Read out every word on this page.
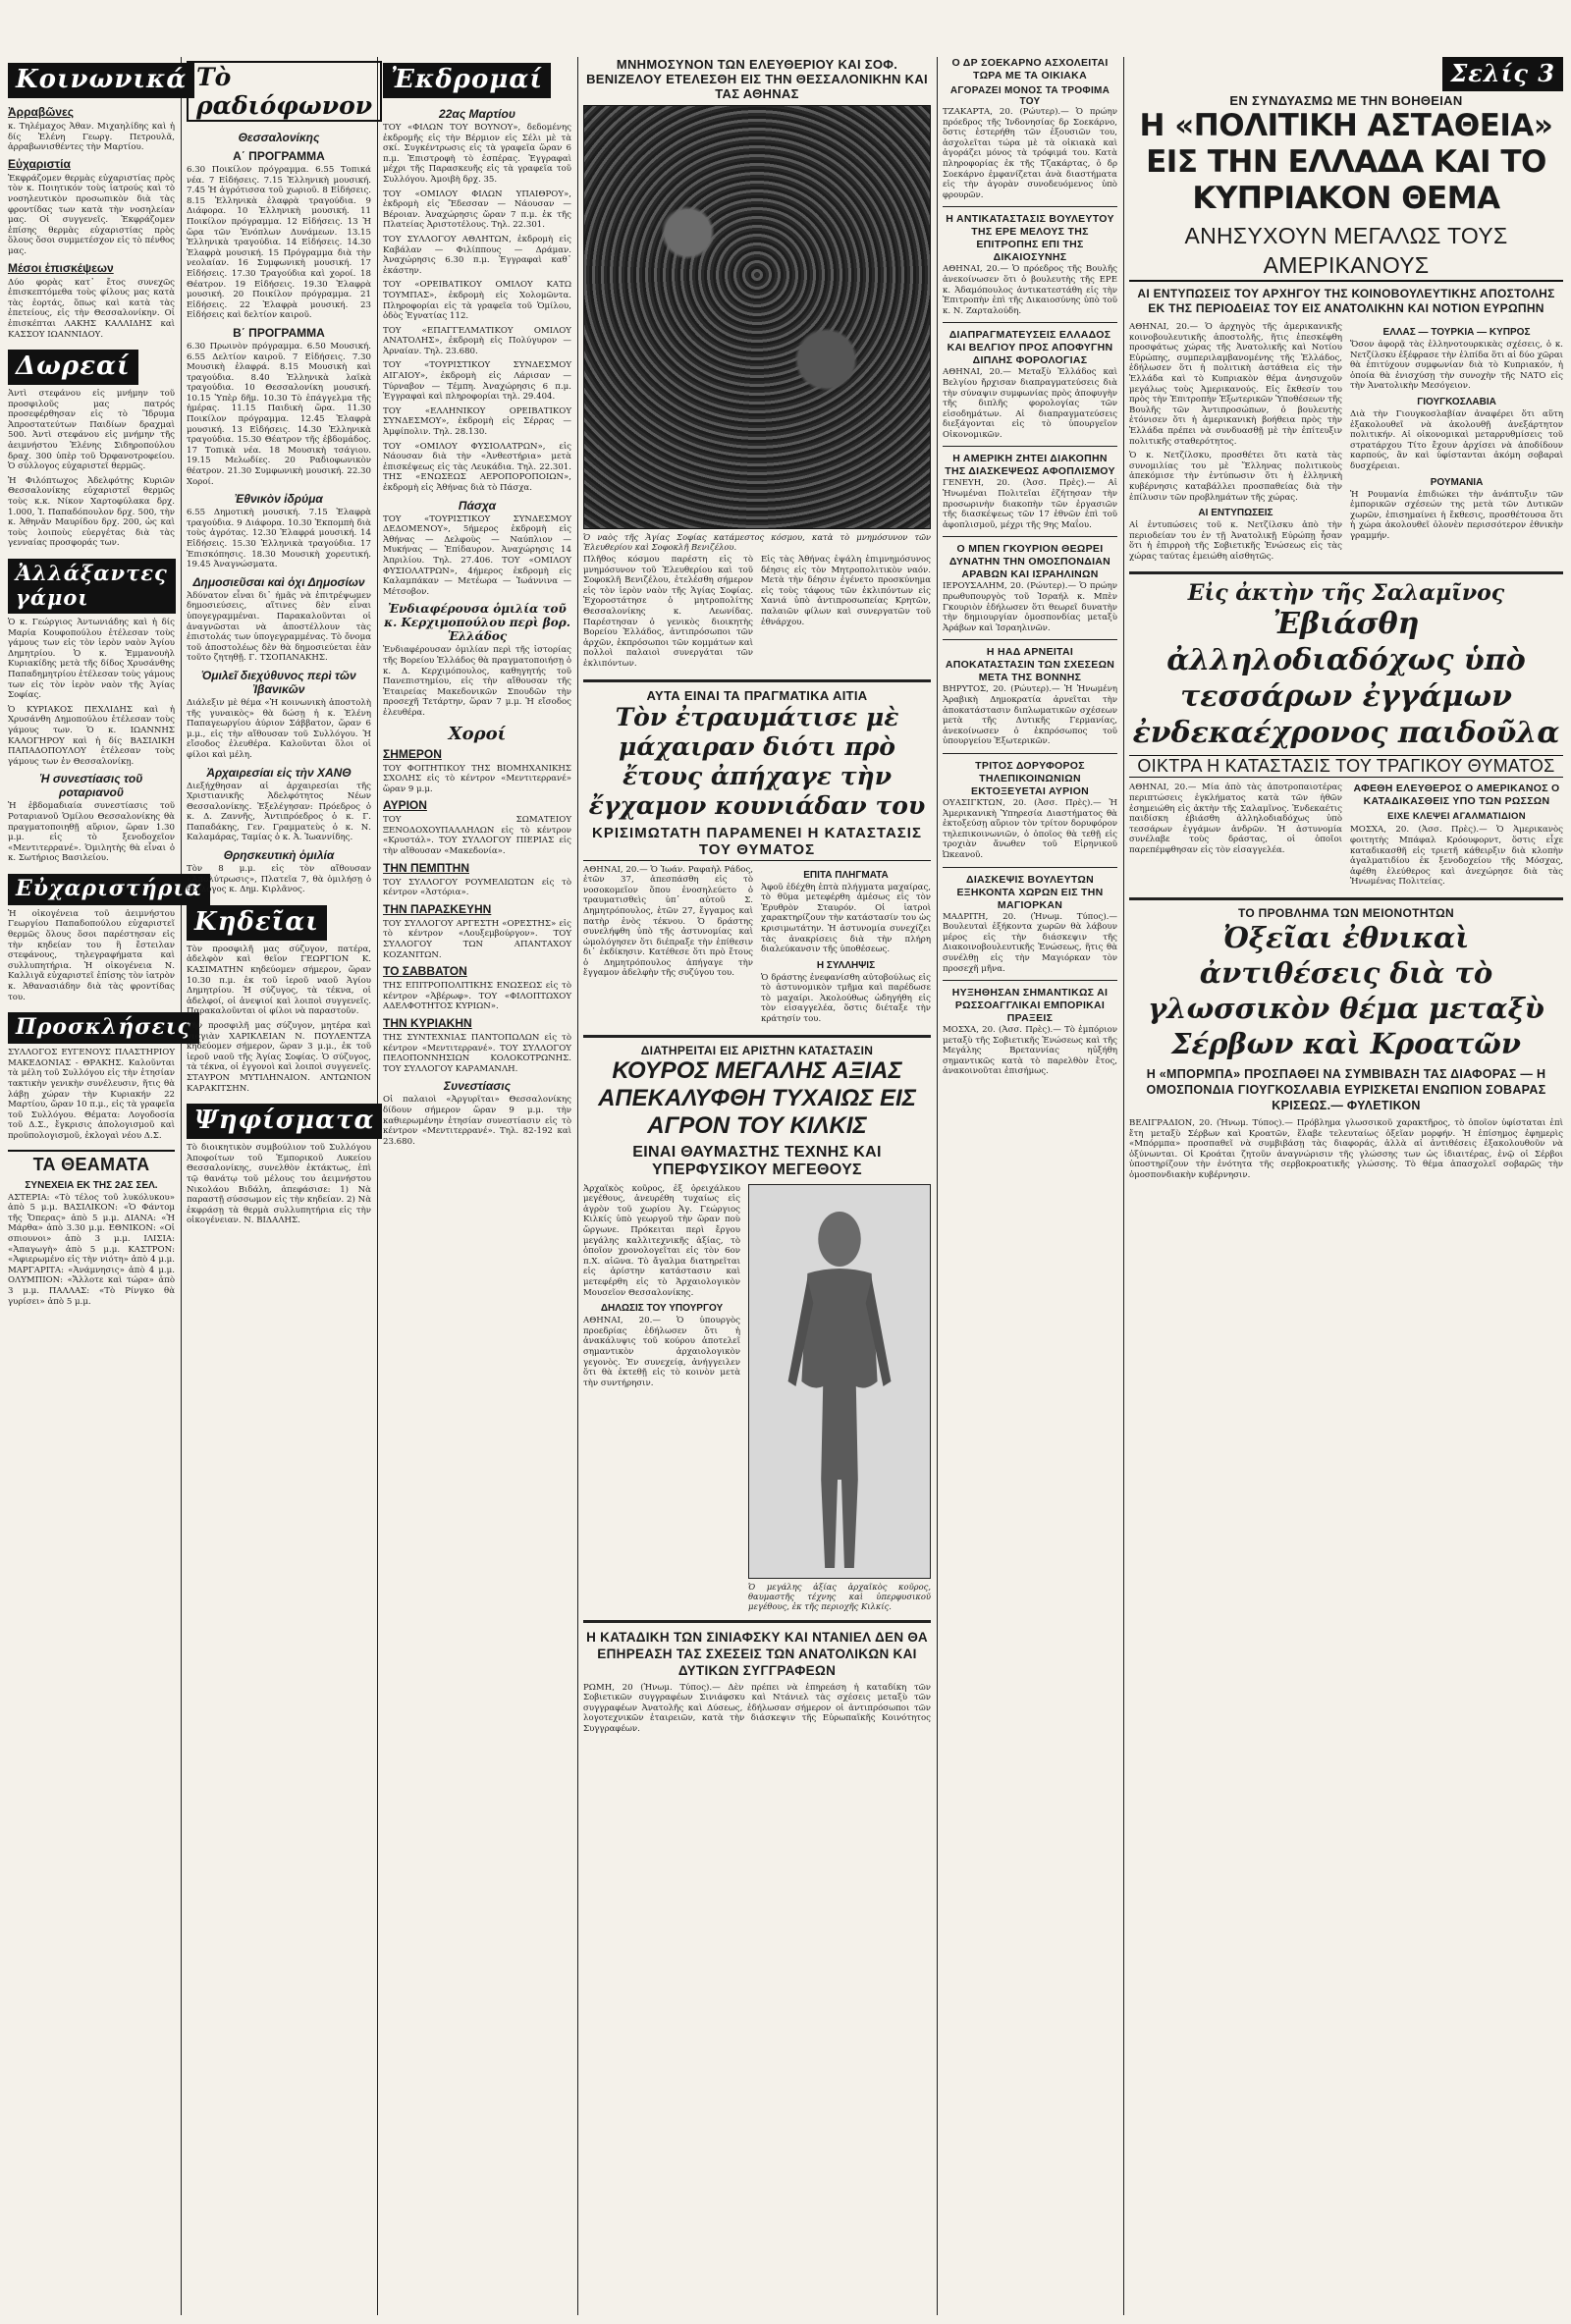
Κοινωνικά
Ἀρραβῶνες

κ. Τηλέμαχος Ἀθαν. Μιχαηλίδης καὶ ἡ δίς Ἑλένη Γεωργ. Πετρουλᾶ, ἀρραβωνισθέντες τὴν Μαρτίου.

Εὐχαριστία

Ἐκφράζομεν θερμὰς εὐχαριστίας πρὸς τὸν κ. Ποιητικόν τοὺς ἰατρούς καὶ τὸ νοσηλευτικὸν προσωπικὸν διὰ τὰς φροντίδας των κατὰ τὴν νοσηλείαν μας. Οἱ συγγενεῖς. Ἐκφράζομεν ἐπίσης θερμὰς εὐχαριστίας πρὸς ὅλους ὅσοι συμμετέσχον εἰς τὸ πένθος μας.

Μέσοι ἐπισκέψεων

Δύο φορὰς κατ᾽ ἔτος συνεχῶς ἐπισκεπτόμεθα τοὺς φίλους μας κατὰ τὰς ἑορτάς, ὅπως καὶ κατὰ τὰς ἐπετείους, εἰς τὴν Θεσσαλονίκην. Οἱ ἐπισκέπται ΛΑΚΗΣ ΚΑΛΛΙΔΗΣ καὶ ΚΑΣΣΟΥ ΙΩΑΝΝΙΔΟΥ.

Δωρεαί

Ἀντὶ στεφάνου εἰς μνήμην τοῦ προσφιλοῦς μας πατρός προσεφέρθησαν εἰς τὸ Ἵδρυμα Ἀπροστατεύτων Παιδίων δραχμαὶ 500. Ἀντὶ στεφάνου εἰς μνήμην τῆς ἀειμνήστου Ἑλένης Σιδηροπούλου δραχ. 300 ὑπὲρ τοῦ Ὀρφανοτροφείου. Ὁ σύλλογος εὐχαριστεῖ θερμῶς.

Ἡ Φιλόπτωχος Ἀδελφότης Κυριῶν Θεσσαλονίκης εὐχαριστεῖ θερμῶς τοὺς κ.κ. Νίκον Χαρτοφύλακα δρχ. 1.000, Ἰ. Παπαδόπουλον δρχ. 500, τὴν κ. Ἀθηνᾶν Μαυρίδου δρχ. 200, ὡς καὶ τοὺς λοιποὺς εὐεργέτας διὰ τὰς γενναίας προσφοράς των.

Ἀλλάξαντες γάμοι

Ὁ κ. Γεώργιος Ἀντωνιάδης καὶ ἡ δίς Μαρία Κουφοπούλου ἐτέλεσαν τοὺς γάμους των εἰς τὸν ἱερὸν ναὸν Ἁγίου Δημητρίου. Ὁ κ. Ἐμμανουὴλ Κυριακίδης μετὰ τῆς δίδος Χρυσάνθης Παπαδημητρίου ἐτέλεσαν τοὺς γάμους των εἰς τὸν ἱερὸν ναὸν τῆς Ἁγίας Σοφίας.

Ὁ ΚΥΡΙΑΚΟΣ ΠΕΧΛΙΔΗΣ καὶ ἡ Χρυσάνθη Δημοπούλου ἐτέλεσαν τοὺς γάμους των. Ὁ κ. ΙΩΑΝΝΗΣ ΚΑΛΟΓΗΡΟΥ καὶ ἡ δίς ΒΑΣΙΛΙΚΗ ΠΑΠΑΔΟΠΟΥΛΟΥ ἐτέλεσαν τοὺς γάμους των ἐν Θεσσαλονίκῃ.

Ἡ συνεστίασις τοῦ ροταριανοῦ

Ἡ ἑβδομαδιαία συνεστίασις τοῦ Ροταριανοῦ Ὁμίλου Θεσσαλονίκης θὰ πραγματοποιηθῇ αὔριον, ὥραν 1.30 μ.μ. εἰς τὸ ξενοδοχεῖον «Μεντιτερρανέ». Ὁμιλητὴς θὰ εἶναι ὁ κ. Σωτήριος Βασιλείου.

Εὐχαριστήρια

Ἡ οἰκογένεια τοῦ ἀειμνήστου Γεωργίου Παπαδοπούλου εὐχαριστεῖ θερμῶς ὅλους ὅσοι παρέστησαν εἰς τὴν κηδείαν του ἢ ἔστειλαν στεφάνους, τηλεγραφήματα καὶ συλλυπητήρια. Ἡ οἰκογένεια Ν. Καλλιγᾶ εὐχαριστεῖ ἐπίσης τὸν ἰατρὸν κ. Ἀθανασιάδην διὰ τὰς φροντίδας του.

Προσκλήσεις

ΣΥΛΛΟΓΟΣ ΕΥΓΕΝΟΥΣ ΠΛΑΣΤΗΡΙΟΥ ΜΑΚΕΔΟΝΙΑΣ - ΘΡΑΚΗΣ. Καλοῦνται τὰ μέλη τοῦ Συλλόγου εἰς τὴν ἐτησίαν τακτικὴν γενικὴν συνέλευσιν, ἥτις θὰ λάβῃ χώραν τὴν Κυριακήν 22 Μαρτίου, ὥραν 10 π.μ., εἰς τὰ γραφεῖα τοῦ Συλλόγου. Θέματα: Λογοδοσία τοῦ Δ.Σ., ἔγκρισις ἀπολογισμοῦ καὶ προϋπολογισμοῦ, ἐκλογαὶ νέου Δ.Σ.

ΤΑ ΘΕΑΜΑΤΑ
ΣΥΝΕΧΕΙΑ ΕΚ ΤΗΣ 2ΑΣ ΣΕΛ.

ΑΣΤΕΡΙΑ: «Τὸ τέλος τοῦ λυκόλυκου» ἀπὸ 5 μ.μ. ΒΑΣΙΛΙΚΟΝ: «Ὁ Φάντομ τῆς Ὄπερας» ἀπὸ 5 μ.μ. ΔΙΑΝΑ: «Ἡ Μάρθα» ἀπὸ 3.30 μ.μ. ΕΘΝΙΚΟΝ: «Οἱ σπιουνοι» ἀπὸ 3 μ.μ. ΙΛΙΣΙΑ: «Ἀπαγωγὴ» ἀπὸ 5 μ.μ. ΚΑΣΤΡΟΝ: «Ἀφιερωμένο εἰς τὴν νιότη» ἀπὸ 4 μ.μ. ΜΑΡΓΑΡΙΤΑ: «Ἀνάμνησις» ἀπὸ 4 μ.μ. ΟΛΥΜΠΙΟΝ: «Ἄλλοτε καὶ τώρα» ἀπὸ 3 μ.μ. ΠΑΛΛΑΣ: «Τὸ Ρίνγκο θὰ γυρίσει» ἀπὸ 5 μ.μ.

Τὸ ραδιόφωνον
Θεσσαλονίκης
Α΄ ΠΡΟΓΡΑΜΜΑ

6.30 Ποικίλον πρόγραμμα. 6.55 Τοπικά νέα. 7 Εἰδήσεις. 7.15 Ἑλληνικὴ μουσική. 7.45 Ἡ ἀγρότισσα τοῦ χωριοῦ. 8 Εἰδήσεις. 8.15 Ἑλληνικὰ ἐλαφρὰ τραγούδια. 9 Διάφορα. 10 Ἑλληνικὴ μουσική. 11 Ποικίλον πρόγραμμα. 12 Εἰδήσεις. 13 Ἡ ὥρα τῶν Ἐνόπλων Δυνάμεων. 13.15 Ἑλληνικὰ τραγούδια. 14 Εἰδήσεις. 14.30 Ἐλαφρὰ μουσική. 15 Πρόγραμμα διὰ τὴν νεολαίαν. 16 Συμφωνικὴ μουσική. 17 Εἰδήσεις. 17.30 Τραγούδια καὶ χοροί. 18 Θέατρον. 19 Εἰδήσεις. 19.30 Ἐλαφρὰ μουσική. 20 Ποικίλον πρόγραμμα. 21 Εἰδήσεις. 22 Ἐλαφρὰ μουσική. 23 Εἰδήσεις καὶ δελτίον καιροῦ.

Β΄ ΠΡΟΓΡΑΜΜΑ

6.30 Πρωινὸν πρόγραμμα. 6.50 Μουσική. 6.55 Δελτίον καιροῦ. 7 Εἰδήσεις. 7.30 Μουσικὴ ἐλαφρά. 8.15 Μουσικὴ καὶ τραγούδια. 8.40 Ἑλληνικὰ λαϊκὰ τραγούδια. 10 Θεσσαλονίκη μουσική. 10.15 Ὑπὲρ δῆμ. 10.30 Τὸ ἐπάγγελμα τῆς ἡμέρας. 11.15 Παιδικὴ ὥρα. 11.30 Ποικίλον πρόγραμμα. 12.45 Ἐλαφρὰ μουσική. 13 Εἰδήσεις. 14.30 Ἑλληνικὰ τραγούδια. 15.30 Θέατρον τῆς ἐβδομάδος. 17 Τοπικὰ νέα. 18 Μουσικὴ τσάγιου. 19.15 Μελωδίες. 20 Ραδιοφωνικὸν θέατρον. 21.30 Συμφωνικὴ μουσική. 22.30 Χοροί.

Ἐθνικὸν ἰδρύμα

6.55 Δημοτικὴ μουσική. 7.15 Ἐλαφρὰ τραγούδια. 9 Διάφορα. 10.30 Ἐκπομπὴ διὰ τοὺς ἀγρότας. 12.30 Ἐλαφρά μουσική. 14 Εἰδήσεις. 15.30 Ἑλληνικὰ τραγούδια. 17 Ἐπισκόπησις. 18.30 Μουσικὴ χορευτική. 19.45 Ἀναγνώσματα.

Δημοσιεῦσαι καὶ ὀχι Δημοσίων

Ἀδύνατον εἶναι δι᾽ ἡμᾶς νὰ ἐπιτρέψωμεν δημοσιεύσεις, αἵτινες δὲν εἶναι ὑπογεγραμμέναι. Παρακαλοῦνται οἱ ἀναγνῶσται νὰ ἀποστέλλουν τὰς ἐπιστολάς των ὑπογεγραμμένας. Τὸ ὄνομα τοῦ ἀποστολέως δὲν θὰ δημοσιεύεται ἐὰν τοῦτο ζητηθῇ. Γ. ΤΣΟΠΑΝΑΚΗΣ.

Ὁμιλεῖ διεχύθυνος περὶ τῶν Ἰβανικῶν

Διάλεξιν μὲ θέμα «Ἡ κοινωνικὴ ἀποστολὴ τῆς γυναικὸς» θὰ δώσῃ ἡ κ. Ἑλένη Παπαγεωργίου ἀύριον Σάββατον, ὥραν 6 μ.μ., εἰς τὴν αἴθουσαν τοῦ Συλλόγου. Ἡ εἴσοδος ἐλευθέρα. Καλοῦνται ὅλοι οἱ φίλοι καὶ μέλη.

Ἀρχαιρεσίαι εἰς τὴν ΧΑΝΘ

Διεξήχθησαν αἱ ἀρχαιρεσίαι τῆς Χριστιανικῆς Ἀδελφότητος Νέων Θεσσαλονίκης. Ἐξελέγησαν: Πρόεδρος ὁ κ. Δ. Ζαννῆς, Ἀντιπρόεδρος ὁ κ. Γ. Παπαδάκης, Γεν. Γραμματεὺς ὁ κ. Ν. Καλαμάρας, Ταμίας ὁ κ. Ἀ. Ἰωαννίδης.

Θρησκευτικὴ ὁμιλία

Τὸν 8 μ.μ. εἰς τὸν αἴθουσαν «Ἀπολύτρωσις», Πλατεῖα 7, θὰ ὁμιλήσῃ ὁ θεολόγος κ. Δημ. Κιρλᾶνος.

Κηδεῖαι

Τὸν προσφιλῆ μας σύζυγον, πατέρα, ἀδελφὸν καὶ θεῖον ΓΕΩΡΓΙΟΝ Κ. ΚΑΣΙΜΑΤΗΝ κηδεύομεν σήμερον, ὥραν 10.30 π.μ. ἐκ τοῦ ἱεροῦ ναοῦ Ἁγίου Δημητρίου. Ἡ σύζυγος, τὰ τέκνα, οἱ ἀδελφοί, οἱ ἀνεψιοί καὶ λοιποὶ συγγενεῖς. Παρακαλοῦνται οἱ φίλοι νὰ παραστοῦν.

Τὴν προσφιλῆ μας σύζυγον, μητέρα καὶ γιαγιὰν ΧΑΡΙΚΛΕΙΑΝ Ν. ΠΟΥΛΕΝΤΖΑ κηδεύομεν σήμερον, ὥραν 3 μ.μ., ἐκ τοῦ ἱεροῦ ναοῦ τῆς Ἁγίας Σοφίας. Ὁ σύζυγος, τὰ τέκνα, οἱ ἐγγονοὶ καὶ λοιποὶ συγγενεῖς. ΣΤΑΥΡΟΝ ΜΥΤΙΛΗΝΑΙΟΝ. ΑΝΤΩΝΙΟΝ ΚΑΡΑΚΙΤΣΗΝ.

Ψηφίσματα

Τὸ διοικητικὸν συμβούλιον τοῦ Συλλόγου Ἀποφοίτων τοῦ Ἐμπορικοῦ Λυκείου Θεσσαλονίκης, συνελθὸν ἐκτάκτως, ἐπὶ τῷ θανάτῳ τοῦ μέλους του ἀειμνήστου Νικολάου Βιδάλη, ἀπεφάσισε: 1) Νὰ παραστῇ σύσσωμον εἰς τὴν κηδείαν. 2) Νὰ ἐκφράσῃ τὰ θερμὰ συλλυπητήρια εἰς τὴν οἰκογένειαν. Ν. ΒΙΔΑΛΗΣ.

Ἐκδρομαί
22ας Μαρτίου

ΤΟΥ «ΦΙΛΩΝ ΤΟΥ ΒΟΥΝΟΥ», δεδομένης ἐκδρομῆς εἰς τὴν Βέρμιον εἰς Σέλι μὲ τὰ σκί. Συγκέντρωσις εἰς τὰ γραφεῖα ὥραν 6 π.μ. Ἐπιστροφὴ τὸ ἑσπέρας. Ἐγγραφαὶ μέχρι τῆς Παρασκευῆς εἰς τὰ γραφεῖα τοῦ Συλλόγου. Ἀμοιβὴ δρχ. 35.

ΤΟΥ «ΟΜΙΛΟΥ ΦΙΛΩΝ ΥΠΑΙΘΡΟΥ», ἐκδρομὴ εἰς Ἔδεσσαν — Νάουσαν — Βέροιαν. Ἀναχώρησις ὥραν 7 π.μ. ἐκ τῆς Πλατείας Ἀριστοτέλους. Τηλ. 22.301.

ΤΟΥ ΣΥΛΛΟΓΟΥ ΑΘΛΗΤΩΝ, ἐκδρομὴ εἰς Καβάλαν — Φιλίππους — Δράμαν. Ἀναχώρησις 6.30 π.μ. Ἐγγραφαὶ καθ᾽ ἑκάστην.

ΤΟΥ «ΟΡΕΙΒΑΤΙΚΟΥ ΟΜΙΛΟΥ ΚΑΤΩ ΤΟΥΜΠΑΣ», ἐκδρομὴ εἰς Χολομῶντα. Πληροφορίαι εἰς τὰ γραφεῖα τοῦ Ὁμίλου, ὁδὸς Ἐγνατίας 112.

ΤΟΥ «ΕΠΑΓΓΕΛΜΑΤΙΚΟΥ ΟΜΙΛΟΥ ΑΝΑΤΟΛΗΣ», ἐκδρομὴ εἰς Πολύγυρον — Ἀρναίαν. Τηλ. 23.680.

ΤΟΥ «ΤΟΥΡΙΣΤΙΚΟΥ ΣΥΝΔΕΣΜΟΥ ΑΙΓΑΙΟΥ», ἐκδρομὴ εἰς Λάρισαν — Τύρναβον — Τέμπη. Ἀναχώρησις 6 π.μ. Ἐγγραφαὶ καὶ πληροφορίαι τηλ. 29.404.

ΤΟΥ «ΕΛΛΗΝΙΚΟΥ ΟΡΕΙΒΑΤΙΚΟΥ ΣΥΝΔΕΣΜΟΥ», ἐκδρομὴ εἰς Σέρρας — Ἀμφίπολιν. Τηλ. 28.130.

ΤΟΥ «ΟΜΙΛΟΥ ΦΥΣΙΟΛΑΤΡΩΝ», εἰς Νάουσαν διὰ τὴν «Ἀνθεστήρια» μετὰ ἐπισκέψεως εἰς τὰς Λευκάδια. Τηλ. 22.301. ΤΗΣ «ΕΝΩΣΕΩΣ ΑΕΡΟΠΟΡΟΠΟΙΩΝ», ἐκδρομὴ εἰς Ἀθήνας διὰ τὸ Πάσχα.

Πάσχα

ΤΟΥ «ΤΟΥΡΙΣΤΙΚΟΥ ΣΥΝΔΕΣΜΟΥ ΔΕΔΟΜΕΝΟΥ», 5ήμερος ἐκδρομὴ εἰς Ἀθήνας — Δελφοὺς — Ναύπλιον — Μυκήνας — Ἐπίδαυρον. Ἀναχώρησις 14 Ἀπριλίου. Τηλ. 27.406. ΤΟΥ «ΟΜΙΛΟΥ ΦΥΣΙΟΛΑΤΡΩΝ», 4ήμερος ἐκδρομὴ εἰς Καλαμπάκαν — Μετέωρα — Ἰωάννινα — Μέτσοβον.

Ἐνδιαφέρουσα ὁμιλία τοῦ κ. Κερχιμοπούλου περὶ βορ. Ἑλλάδος

Ἐνδιαφέρουσαν ὁμιλίαν περὶ τῆς ἱστορίας τῆς Βορείου Ἑλλάδος θὰ πραγματοποιήσῃ ὁ κ. Δ. Κερχιμόπουλος, καθηγητής τοῦ Πανεπιστημίου, εἰς τὴν αἴθουσαν τῆς Ἑταιρείας Μακεδονικῶν Σπουδῶν τὴν προσεχῆ Τετάρτην, ὥραν 7 μ.μ. Ἡ εἴσοδος ἐλευθέρα.

Χοροί
ΣΗΜΕΡΟΝ

ΤΟΥ ΦΟΙΤΗΤΙΚΟΥ ΤΗΣ ΒΙΟΜΗΧΑΝΙΚΗΣ ΣΧΟΛΗΣ εἰς τὸ κέντρον «Μεντιτερρανέ» ὥραν 9 μ.μ.

ΑΥΡΙΟΝ

ΤΟΥ ΣΩΜΑΤΕΙΟΥ ΞΕΝΟΔΟΧΟΥΠΑΛΛΗΛΩΝ εἰς τὸ κέντρον «Κρυστάλ». ΤΟΥ ΣΥΛΛΟΓΟΥ ΠΙΕΡΙΑΣ εἰς τὴν αἴθουσαν «Μακεδονία».

ΤΗΝ ΠΕΜΠΤΗΝ

ΤΟΥ ΣΥΛΛΟΓΟΥ ΡΟΥΜΕΛΙΩΤΩΝ εἰς τὸ κέντρον «Ἀστόρια».

ΤΗΝ ΠΑΡΑΣΚΕΥΗΝ

ΤΟΥ ΣΥΛΛΟΓΟΥ ΑΡΓΕΣΤΗ «ΟΡΕΣΤΗΣ» εἰς τὸ κέντρον «Λουξεμβούργον». ΤΟΥ ΣΥΛΛΟΓΟΥ ΤΩΝ ΑΠΑΝΤΑΧΟΥ ΚΟΖΑΝΙΤΩΝ.

ΤΟ ΣΑΒΒΑΤΟΝ

ΤΗΣ ΕΠΙΤΡΟΠΟΛΙΤΙΚΗΣ ΕΝΩΣΕΩΣ εἰς τὸ κέντρον «Ἀβέρωφ». ΤΟΥ «ΦΙΛΟΠΤΩΧΟΥ ΑΔΕΛΦΟΤΗΤΟΣ ΚΥΡΙΩΝ».

ΤΗΝ ΚΥΡΙΑΚΗΝ

ΤΗΣ ΣΥΝΤΕΧΝΙΑΣ ΠΑΝΤΟΠΩΛΩΝ εἰς τὸ κέντρον «Μεντιτερρανέ». ΤΟΥ ΣΥΛΛΟΓΟΥ ΠΕΛΟΠΟΝΝΗΣΙΩΝ ΚΟΛΟΚΟΤΡΩΝΗΣ. ΤΟΥ ΣΥΛΛΟΓΟΥ ΚΑΡΑΜΑΝΛΗ.

Συνεστίασις

Οἱ παλαιοὶ «Ἀργυρῖται» Θεσσαλονίκης δίδουν σήμερον ὥραν 9 μ.μ. τὴν καθιερωμένην ἐτησίαν συνεστίασιν εἰς τὸ κέντρον «Μεντιτερρανέ». Τηλ. 82-192 καὶ 23.680.

ΜΝΗΜΟΣΥΝΟΝ ΤΩΝ ΕΛΕΥΘΕΡΙΟΥ ΚΑΙ ΣΟΦ. ΒΕΝΙΖΕΛΟΥ ΕΤΕΛΕΣΘΗ ΕΙΣ ΤΗΝ ΘΕΣΣΑΛΟΝΙΚΗΝ ΚΑΙ ΤΑΣ ΑΘΗΝΑΣ

Ὁ ναὸς τῆς Ἁγίας Σοφίας κατάμεστος κόσμου, κατὰ τὸ μνημόσυνον τῶν Ἐλευθερίου καὶ Σοφοκλῆ Βενιζέλου.

Πλῆθος κόσμου παρέστη εἰς τὸ μνημόσυνον τοῦ Ἐλευθερίου καὶ τοῦ Σοφοκλῆ Βενιζέλου, ἐτελέσθη σήμερον εἰς τὸν ἱερὸν ναὸν τῆς Ἁγίας Σοφίας. Ἐχοροστάτησε ὁ μητροπολίτης Θεσσαλονίκης κ. Λεωνίδας. Παρέστησαν ὁ γενικὸς διοικητὴς Βορείου Ἑλλάδος, ἀντιπρόσωποι τῶν ἀρχῶν, ἐκπρόσωποι τῶν κομμάτων καὶ πολλοὶ παλαιοὶ συνεργάται τῶν ἐκλιπόντων.

Εἰς τὰς Ἀθήνας ἐψάλη ἐπιμνημόσυνος δέησις εἰς τὸν Μητροπολιτικὸν ναόν. Μετὰ τὴν δέησιν ἐγένετο προσκύνημα εἰς τοὺς τάφους τῶν ἐκλιπόντων εἰς Χανιά ὑπὸ ἀντιπροσωπείας Κρητῶν, παλαιῶν φίλων καὶ συνεργατῶν τοῦ ἐθνάρχου.

ΑΥΤΑ ΕΙΝΑΙ ΤΑ ΠΡΑΓΜΑΤΙΚΑ ΑΙΤΙΑ
Τὸν ἐτραυμάτισε μὲ μάχαιραν διότι πρὸ ἔτους ἀπήχαγε τὴν ἔγχαμον κουνιάδαν του
ΚΡΙΣΙΜΩΤΑΤΗ ΠΑΡΑΜΕΝΕΙ Η ΚΑΤΑΣΤΑΣΙΣ ΤΟΥ ΘΥΜΑΤΟΣ

ΑΘΗΝΑΙ, 20.— Ὁ Ἰωάν. Ραφαὴλ Ράδος, ἐτῶν 37, ἀπεσπάσθη εἰς τὸ νοσοκομεῖον ὅπου ἐνοσηλεύετο ὁ τραυματισθεὶς ὑπ᾽ αὐτοῦ Σ. Δημητρόπουλος, ἐτῶν 27, ἔγγαμος καὶ πατὴρ ἑνὸς τέκνου. Ὁ δράστης συνελήφθη ὑπὸ τῆς ἀστυνομίας καὶ ὡμολόγησεν ὅτι διέπραξε τὴν ἐπίθεσιν δι᾽ ἐκδίκησιν. Κατέθεσε ὅτι πρὸ ἔτους ὁ Δημητρόπουλος ἀπήγαγε τὴν ἔγγαμον ἀδελφὴν τῆς συζύγου του.

ΕΠΙΤΑ ΠΛΗΓΜΑΤΑ

Ἀφοῦ ἐδέχθη ἑπτὰ πλήγματα μαχαίρας, τὸ θῦμα μετεφέρθη ἀμέσως εἰς τὸν Ἐρυθρὸν Σταυρόν. Οἱ ἰατροὶ χαρακτηρίζουν τὴν κατάστασίν του ὡς κρισιμωτάτην. Ἡ ἀστυνομία συνεχίζει τὰς ἀνακρίσεις διὰ τὴν πλήρη διαλεύκανσιν τῆς ὑποθέσεως.

Η ΣΥΛΛΗΨΙΣ

Ὁ δράστης ἐνεφανίσθη αὐτοβούλως εἰς τὸ ἀστυνομικὸν τμῆμα καὶ παρέδωσε τὸ μαχαίρι. Ἀκολούθως ὡδηγήθη εἰς τὸν εἰσαγγελέα, ὅστις διέταξε τὴν κράτησίν του.

ΔΙΑΤΗΡΕΙΤΑΙ ΕΙΣ ΑΡΙΣΤΗΝ ΚΑΤΑΣΤΑΣΙΝ
ΚΟΥΡΟΣ ΜΕΓΑΛΗΣ ΑΞΙΑΣ ΑΠΕΚΑΛΥΦΘΗ ΤΥΧΑΙΩΣ ΕΙΣ ΑΓΡΟΝ ΤΟΥ ΚΙΛΚΙΣ
ΕΙΝΑΙ ΘΑΥΜΑΣΤΗΣ ΤΕΧΝΗΣ ΚΑΙ ΥΠΕΡΦΥΣΙΚΟΥ ΜΕΓΕΘΟΥΣ

Ἀρχαϊκὸς κοῦρος, ἐξ ὀρειχάλκου μεγέθους, ἀνευρέθη τυχαίως εἰς ἀγρὸν τοῦ χωρίου Ἀγ. Γεώργιος Κιλκίς ὑπὸ γεωργοῦ τὴν ὥραν ποὺ ὤργωνε. Πρόκειται περὶ ἔργου μεγάλης καλλιτεχνικῆς ἀξίας, τὸ ὁποῖον χρονολογεῖται εἰς τὸν 6ον π.Χ. αἰῶνα. Τὸ ἄγαλμα διατηρεῖται εἰς ἀρίστην κατάστασιν καὶ μετεφέρθη εἰς τὸ Ἀρχαιολογικὸν Μουσεῖον Θεσσαλονίκης.

ΔΗΛΩΣΙΣ ΤΟΥ ΥΠΟΥΡΓΟΥ

ΑΘΗΝΑΙ, 20.— Ὁ ὑπουργὸς προεδρίας ἐδήλωσεν ὅτι ἡ ἀνακάλυψις τοῦ κούρου ἀποτελεῖ σημαντικὸν ἀρχαιολογικὸν γεγονὸς. Ἐν συνεχείᾳ, ἀνήγγειλεν ὅτι θὰ ἐκτεθῇ εἰς τὸ κοινὸν μετὰ τὴν συντήρησιν.

Ὁ μεγάλης ἀξίας ἀρχαϊκὸς κοῦρος, θαυμαστῆς τέχνης καὶ ὑπερφυσικοῦ μεγέθους, ἐκ τῆς περιοχῆς Κιλκίς.

Η ΚΑΤΑΔΙΚΗ ΤΩΝ ΣΙΝΙΑΦΣΚΥ ΚΑΙ ΝΤΑΝΙΕΛ ΔΕΝ ΘΑ ΕΠΗΡΕΑΣΗ ΤΑΣ ΣΧΕΣΕΙΣ ΤΩΝ ΑΝΑΤΟΛΙΚΩΝ ΚΑΙ ΔΥΤΙΚΩΝ ΣΥΓΓΡΑΦΕΩΝ

ΡΩΜΗ, 20 (Ἡνωμ. Τύπος).— Δὲν πρέπει νὰ ἐπηρεάση ἡ καταδίκη τῶν Σοβιετικῶν συγγραφέων Σινιάφσκυ καὶ Ντάνιελ τὰς σχέσεις μεταξὺ τῶν συγγραφέων Ἀνατολῆς καὶ Δύσεως, ἐδήλωσαν σήμερον οἱ ἀντιπρόσωποι τῶν λογοτεχνικῶν ἑταιρειῶν, κατὰ τὴν διάσκεψιν τῆς Εὐρωπαϊκῆς Κοινότητος Συγγραφέων.

Ο ΔΡ ΣΟΕΚΑΡΝΟ ΑΣΧΟΛΕΙΤΑΙ ΤΩΡΑ ΜΕ ΤΑ ΟΙΚΙΑΚΑ
ΑΓΟΡΑΖΕΙ ΜΟΝΟΣ ΤΑ ΤΡΟΦΙΜΑ ΤΟΥ

ΤΖΑΚΑΡΤΑ, 20. (Ρώυτερ).— Ὁ πρώην πρόεδρος τῆς Ἰνδονησίας δρ Σοεκάρνο, ὅστις ἐστερήθη τῶν ἐξουσιῶν του, ἀσχολεῖται τώρα μὲ τὰ οἰκιακὰ καὶ ἀγοράζει μόνος τὰ τρόφιμά του. Κατὰ πληροφορίας ἐκ τῆς Τζακάρτας, ὁ δρ Σοεκάρνο ἐμφανίζεται ἀνὰ διαστήματα εἰς τὴν ἀγορὰν συνοδευόμενος ὑπὸ φρουρῶν.

Η ΑΝΤΙΚΑΤΑΣΤΑΣΙΣ ΒΟΥΛΕΥΤΟΥ ΤΗΣ ΕΡΕ ΜΕΛΟΥΣ ΤΗΣ ΕΠΙΤΡΟΠΗΣ ΕΠΙ ΤΗΣ ΔΙΚΑΙΟΣΥΝΗΣ

ΑΘΗΝΑΙ, 20.— Ὁ πρόεδρος τῆς Βουλῆς ἀνεκοίνωσεν ὅτι ὁ βουλευτὴς τῆς ΕΡΕ κ. Ἀδαμόπουλος ἀντικατεστάθη εἰς τὴν Ἐπιτροπὴν ἐπὶ τῆς Δικαιοσύνης ὑπὸ τοῦ κ. Ν. Ζαρταλούδη.

ΔΙΑΠΡΑΓΜΑΤΕΥΣΕΙΣ ΕΛΛΑΔΟΣ ΚΑΙ ΒΕΛΓΙΟΥ ΠΡΟΣ ΑΠΟΦΥΓΗΝ ΔΙΠΛΗΣ ΦΟΡΟΛΟΓΙΑΣ

ΑΘΗΝΑΙ, 20.— Μεταξὺ Ἑλλάδος καὶ Βελγίου ἤρχισαν διαπραγματεύσεις διὰ τὴν σύναψιν συμφωνίας πρὸς ἀποφυγὴν τῆς διπλῆς φορολογίας τῶν εἰσοδημάτων. Αἱ διαπραγματεύσεις διεξάγονται εἰς τὸ ὑπουργεῖον Οἰκονομικῶν.

Η ΑΜΕΡΙΚΗ ΖΗΤΕΙ ΔΙΑΚΟΠΗΝ ΤΗΣ ΔΙΑΣΚΕΨΕΩΣ ΑΦΟΠΛΙΣΜΟΥ

ΓΕΝΕΥΗ, 20. (Ἀσσ. Πρὲς).— Αἱ Ἡνωμέναι Πολιτεῖαι ἐζήτησαν τὴν προσωρινὴν διακοπὴν τῶν ἐργασιῶν τῆς διασκέψεως τῶν 17 ἐθνῶν ἐπὶ τοῦ ἀφοπλισμοῦ, μέχρι τῆς 9ης Μαΐου.

Ο ΜΠΕΝ ΓΚΟΥΡΙΟΝ ΘΕΩΡΕΙ ΔΥΝΑΤΗΝ ΤΗΝ ΟΜΟΣΠΟΝΔΙΑΝ ΑΡΑΒΩΝ ΚΑΙ ΙΣΡΑΗΛΙΝΩΝ

ΙΕΡΟΥΣΑΛΗΜ, 20. (Ρώυτερ).— Ὁ πρώην πρωθυπουργὸς τοῦ Ἰσραήλ κ. Μπὲν Γκουριὸν ἐδήλωσεν ὅτι θεωρεῖ δυνατὴν τὴν δημιουργίαν ὁμοσπονδίας μεταξὺ Ἀράβων καὶ Ἰσραηλινῶν.

Η ΗΑΔ ΑΡΝΕΙΤΑΙ ΑΠΟΚΑΤΑΣΤΑΣΙΝ ΤΩΝ ΣΧΕΣΕΩΝ ΜΕΤΑ ΤΗΣ ΒΟΝΝΗΣ

ΒΗΡΥΤΟΣ, 20. (Ρώυτερ).— Ἡ Ἡνωμένη Ἀραβικὴ Δημοκρατία ἀρνεῖται τὴν ἀποκατάστασιν διπλωματικῶν σχέσεων μετὰ τῆς Δυτικῆς Γερμανίας, ἀνεκοίνωσεν ὁ ἐκπρόσωπος τοῦ ὑπουργείου Ἐξωτερικῶν.

ΤΡΙΤΟΣ ΔΟΡΥΦΟΡΟΣ ΤΗΛΕΠΙΚΟΙΝΩΝΙΩΝ ΕΚΤΟΞΕΥΕΤΑΙ ΑΥΡΙΟΝ

ΟΥΑΣΙΓΚΤΩΝ, 20. (Ἀσσ. Πρὲς).— Ἡ Ἀμερικανικὴ Ὑπηρεσία Διαστήματος θὰ ἐκτοξεύσῃ αὔριον τὸν τρίτον δορυφόρον τηλεπικοινωνιῶν, ὁ ὁποῖος θὰ τεθῇ εἰς τροχιὰν ἄνωθεν τοῦ Εἰρηνικοῦ Ὠκεανοῦ.

ΔΙΑΣΚΕΨΙΣ ΒΟΥΛΕΥΤΩΝ ΕΞΗΚΟΝΤΑ ΧΩΡΩΝ ΕΙΣ ΤΗΝ ΜΑΓΙΟΡΚΑΝ

ΜΑΔΡΙΤΗ, 20. (Ἡνωμ. Τύπος).— Βουλευταὶ ἐξήκοντα χωρῶν θὰ λάβουν μέρος εἰς τὴν διάσκεψιν τῆς Διακοινοβουλευτικῆς Ἑνώσεως, ἥτις θὰ συνέλθῃ εἰς τὴν Μαγιόρκαν τὸν προσεχῆ μῆνα.

ΗΥΞΗΘΗΣΑΝ ΣΗΜΑΝΤΙΚΩΣ ΑΙ ΡΩΣΣΟΑΓΓΛΙΚΑΙ ΕΜΠΟΡΙΚΑΙ ΠΡΑΞΕΙΣ

ΜΟΣΧΑ, 20. (Ἀσσ. Πρὲς).— Τὸ ἐμπόριον μεταξὺ τῆς Σοβιετικῆς Ἑνώσεως καὶ τῆς Μεγάλης Βρεταννίας ηὐξήθη σημαντικῶς κατὰ τὸ παρελθὸν ἔτος, ἀνακοινοῦται ἐπισήμως.

Σελίς 3
ΕΝ ΣΥΝΔΥΑΣΜΩ ΜΕ ΤΗΝ ΒΟΗΘΕΙΑΝ
Η «ΠΟΛΙΤΙΚΗ ΑΣΤΑΘΕΙΑ» ΕΙΣ ΤΗΝ ΕΛΛΑΔΑ ΚΑΙ ΤΟ ΚΥΠΡΙΑΚΟΝ ΘΕΜΑ
ΑΝΗΣΥΧΟΥΝ ΜΕΓΑΛΩΣ ΤΟΥΣ ΑΜΕΡΙΚΑΝΟΥΣ
ΑΙ ΕΝΤΥΠΩΣΕΙΣ ΤΟΥ ΑΡΧΗΓΟΥ ΤΗΣ ΚΟΙΝΟΒΟΥΛΕΥΤΙΚΗΣ ΑΠΟΣΤΟΛΗΣ ΕΚ ΤΗΣ ΠΕΡΙΟΔΕΙΑΣ ΤΟΥ ΕΙΣ ΑΝΑΤΟΛΙΚΗΝ ΚΑΙ ΝΟΤΙΟΝ ΕΥΡΩΠΗΝ

ΑΘΗΝΑΙ, 20.— Ὁ ἀρχηγὸς τῆς ἀμερικανικῆς κοινοβουλευτικῆς ἀποστολῆς, ἥτις ἐπεσκέφθη προσφάτως χώρας τῆς Ἀνατολικῆς καὶ Νοτίου Εὐρώπης, συμπεριλαμβανομένης τῆς Ἑλλάδος, ἐδήλωσεν ὅτι ἡ πολιτικὴ ἀστάθεια εἰς τὴν Ἑλλάδα καὶ τὸ Κυπριακὸν θέμα ἀνησυχοῦν μεγάλως τοὺς Ἀμερικανούς. Εἰς ἔκθεσίν του πρὸς τὴν Ἐπιτροπὴν Ἐξωτερικῶν Ὑποθέσεων τῆς Βουλῆς τῶν Ἀντιπροσώπων, ὁ βουλευτὴς ἐτόνισεν ὅτι ἡ ἀμερικανικὴ βοήθεια πρὸς τὴν Ἑλλάδα πρέπει νὰ συνδυασθῇ μὲ τὴν ἐπίτευξιν πολιτικῆς σταθερότητος.

Ὁ κ. Νετζίλσκυ, προσθέτει ὅτι κατὰ τὰς συνομιλίας του μὲ Ἕλληνας πολιτικοὺς ἀπεκόμισε τὴν ἐντύπωσιν ὅτι ἡ ἑλληνικὴ κυβέρνησις καταβάλλει προσπαθείας διὰ τὴν ἐπίλυσιν τῶν προβλημάτων τῆς χώρας.

ΑΙ ΕΝΤΥΠΩΣΕΙΣ

Αἱ ἐντυπώσεις τοῦ κ. Νετζίλσκυ ἀπὸ τὴν περιοδείαν του ἐν τῇ Ἀνατολικῇ Εὐρώπῃ ἦσαν ὅτι ἡ ἐπιρροὴ τῆς Σοβιετικῆς Ἑνώσεως εἰς τὰς χώρας ταύτας ἐμειώθη αἰσθητῶς.

ΕΛΛΑΣ — ΤΟΥΡΚΙΑ — ΚΥΠΡΟΣ

Ὅσον ἀφορᾷ τὰς ἑλληνοτουρκικὰς σχέσεις, ὁ κ. Νετζίλσκυ ἐξέφρασε τὴν ἐλπίδα ὅτι αἱ δύο χῶραι θὰ ἐπιτύχουν συμφωνίαν διὰ τὸ Κυπριακόν, ἡ ὁποία θὰ ἐνισχύσῃ τὴν συνοχὴν τῆς ΝΑΤΟ εἰς τὴν Ἀνατολικὴν Μεσόγειον.

ΓΙΟΥΓΚΟΣΛΑΒΙΑ

Διὰ τὴν Γιουγκοσλαβίαν ἀναφέρει ὅτι αὕτη ἐξακολουθεῖ νὰ ἀκολουθῇ ἀνεξάρτητον πολιτικήν. Αἱ οἰκονομικαὶ μεταρρυθμίσεις τοῦ στρατάρχου Τίτο ἔχουν ἀρχίσει νὰ ἀποδίδουν καρπούς, ἂν καὶ ὑφίστανται ἀκόμη σοβαραὶ δυσχέρειαι.

ΡΟΥΜΑΝΙΑ

Ἡ Ρουμανία ἐπιδιώκει τὴν ἀνάπτυξιν τῶν ἐμπορικῶν σχέσεών της μετὰ τῶν Δυτικῶν χωρῶν, ἐπισημαίνει ἡ ἔκθεσις, προσθέτουσα ὅτι ἡ χώρα ἀκολουθεῖ ὁλονὲν περισσότερον ἐθνικὴν γραμμήν.

Εἰς ἀκτὴν τῆς Σαλαμῖνος
Ἐβιάσθη ἀλληλοδιαδόχως ὑπὸ τεσσάρων ἐγγάμων ἐνδεκαέχρονος παιδοῦλα
ΟΙΚΤΡΑ Η ΚΑΤΑΣΤΑΣΙΣ ΤΟΥ ΤΡΑΓΙΚΟΥ ΘΥΜΑΤΟΣ

ΑΘΗΝΑΙ, 20.— Μία ἀπὸ τὰς ἀποτροπαιοτέρας περιπτώσεις ἐγκλήματος κατὰ τῶν ἠθῶν ἐσημειώθη εἰς ἀκτὴν τῆς Σαλαμῖνος. Ἐνδεκαέτις παιδίσκη ἐβιάσθη ἀλληλοδιαδόχως ὑπὸ τεσσάρων ἐγγάμων ἀνδρῶν. Ἡ ἀστυνομία συνέλαβε τοὺς δράστας, οἱ ὁποῖοι παρεπέμφθησαν εἰς τὸν εἰσαγγελέα.

ΑΦΕΘΗ ΕΛΕΥΘΕΡΟΣ Ο ΑΜΕΡΙΚΑΝΟΣ Ο ΚΑΤΑΔΙΚΑΣΘΕΙΣ ΥΠΟ ΤΩΝ ΡΩΣΣΩΝ
ΕΙΧΕ ΚΛΕΨΕΙ ΑΓΑΛΜΑΤΙΔΙΟΝ

ΜΟΣΧΑ, 20. (Ἀσσ. Πρὲς).— Ὁ Ἀμερικανὸς φοιτητὴς Μπάφαλ Κρόουφορντ, ὅστις εἶχε καταδικασθῆ εἰς τριετῆ κάθειρξιν διὰ κλοπὴν ἀγαλματιδίου ἐκ ξενοδοχείου τῆς Μόσχας, ἀφέθη ἐλεύθερος καὶ ἀνεχώρησε διὰ τὰς Ἡνωμένας Πολιτείας.

ΤΟ ΠΡΟΒΛΗΜΑ ΤΩΝ ΜΕΙΟΝΟΤΗΤΩΝ
Ὀξεῖαι ἐθνικαὶ ἀντιθέσεις διὰ τὸ γλωσσικὸν θέμα μεταξὺ Σέρβων καὶ Κροατῶν
Η «ΜΠΟΡΜΠΑ» ΠΡΟΣΠΑΘΕΙ ΝΑ ΣΥΜΒΙΒΑΣΗ ΤΑΣ ΔΙΑΦΟΡΑΣ — Η ΟΜΟΣΠΟΝΔΙΑ ΓΙΟΥΓΚΟΣΛΑΒΙΑ ΕΥΡΙΣΚΕΤΑΙ ΕΝΩΠΙΟΝ ΣΟΒΑΡΑΣ ΚΡΙΣΕΩΣ.— ΦΥΛΕΤΙΚΟΝ

ΒΕΛΙΓΡΑΔΙΟΝ, 20. (Ἡνωμ. Τύπος).— Πρόβλημα γλωσσικοῦ χαρακτῆρος, τὸ ὁποῖον ὑφίσταται ἐπὶ ἔτη μεταξὺ Σέρβων καὶ Κροατῶν, ἔλαβε τελευταίως ὀξεῖαν μορφήν. Ἡ ἐπίσημος ἐφημερὶς «Μπόρμπα» προσπαθεῖ νὰ συμβιβάσῃ τὰς διαφοράς, ἀλλὰ αἱ ἀντιθέσεις ἐξακολουθοῦν νὰ ὀξύνωνται. Οἱ Κροάται ζητοῦν ἀναγνώρισιν τῆς γλώσσης των ὡς ἰδιαιτέρας, ἐνῷ οἱ Σέρβοι ὑποστηρίζουν τὴν ἑνότητα τῆς σερβοκροατικῆς γλώσσης. Τὸ θέμα ἀπασχολεῖ σοβαρῶς τὴν ὁμοσπονδιακὴν κυβέρνησιν.
